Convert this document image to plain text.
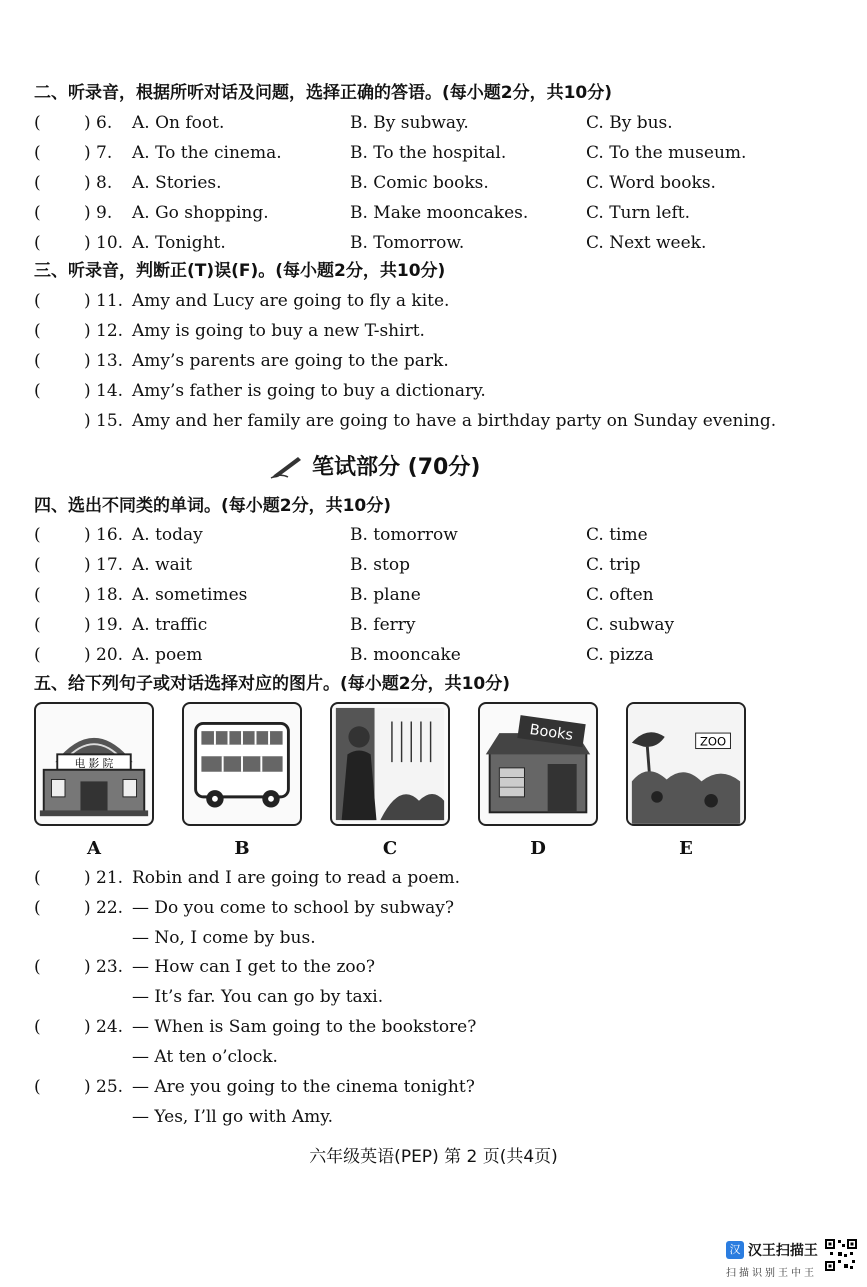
二、听录音，根据所听对话及问题，选择正确的答语。(每小题2分，共10分)
(	) 6. A. On foot.	B. By subway.	C. By bus.
(	) 7. A. To the cinema.	B. To the hospital.	C. To the museum.
(	) 8. A. Stories.	B. Comic books.	C. Word books.
(	) 9. A. Go shopping.	B. Make mooncakes.	C. Turn left.
(	) 10. A. Tonight.	B. Tomorrow.	C. Next week.
三、听录音，判断正(T)误(F)。(每小题2分，共10分)
(	) 11. Amy and Lucy are going to fly a kite.
(	) 12. Amy is going to buy a new T-shirt.
(	) 13. Amy’s parents are going to the park.
(	) 14. Amy’s father is going to buy a dictionary.
) 15. Amy and her family are going to have a birthday party on Sunday evening.
笔试部分 (70分)
四、选出不同类的单词。(每小题2分，共10分)
(	) 16. A. today	B. tomorrow	C. time
(	) 17. A. wait	B. stop	C. trip
(	) 18. A. sometimes	B. plane	C. often
(	) 19. A. traffic	B. ferry	C. subway
(	) 20. A. poem	B. mooncake	C. pizza
五、给下列句子或对话选择对应的图片。(每小题2分，共10分)
电 影 院
A	B	C
Books
D
ZOO
E
(	) 21. Robin and I are going to read a poem.
(	) 22. — Do you come to school by subway?
— No, I come by bus.
(	) 23. — How can I get to the zoo?
— It’s far. You can go by taxi.
(	) 24. — When is Sam going to the bookstore?
— At ten o’clock.
(	) 25. — Are you going to the cinema tonight?
— Yes, I’ll go with Amy.
六年级英语(PEP) 第 2 页(共4页)
汉 汉王扫描王
扫描识别王中王
